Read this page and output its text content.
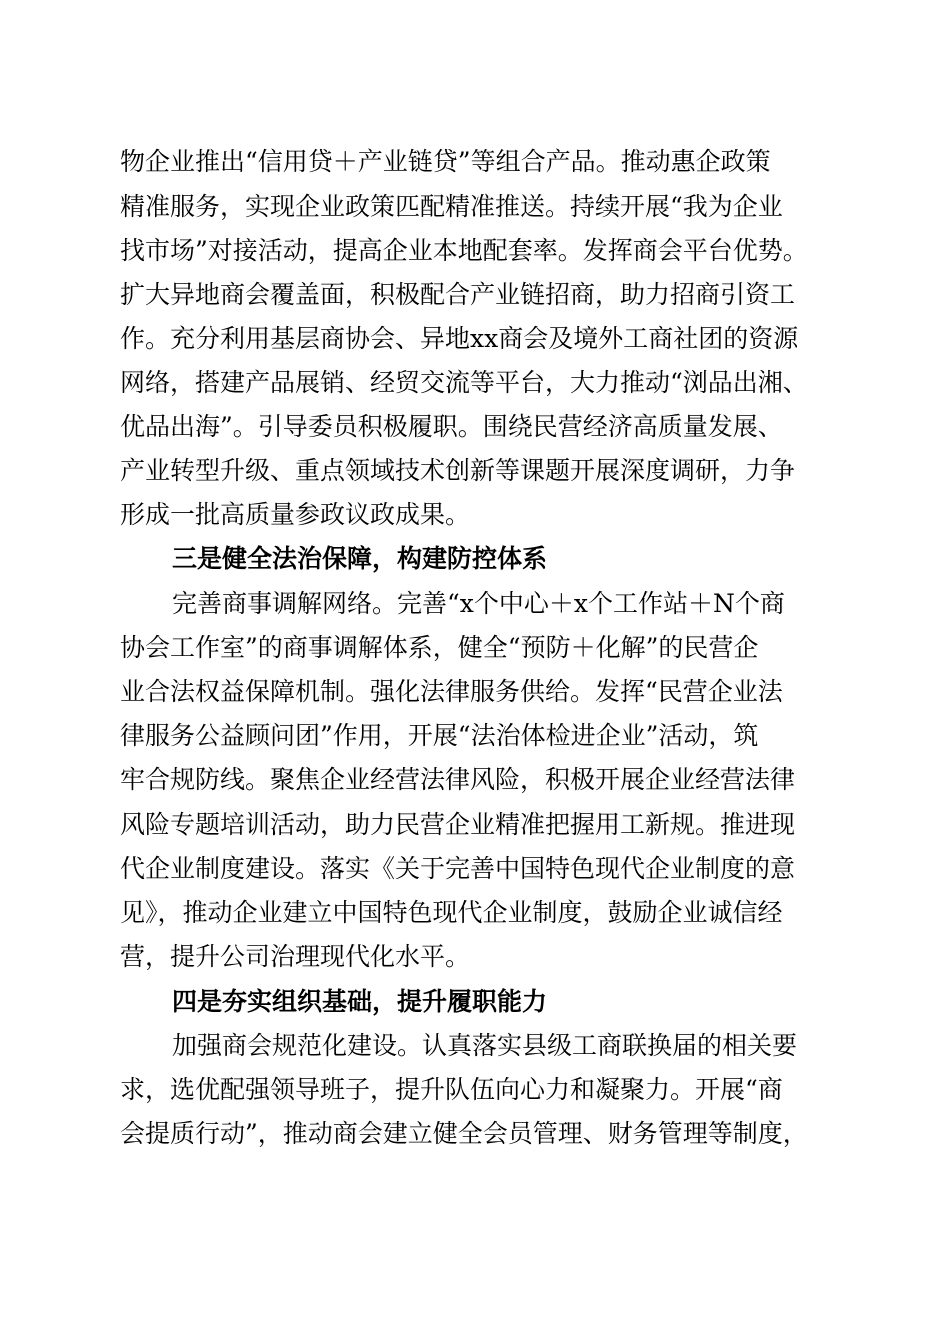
物企业推出“信用贷＋产业链贷”等组合产品。推动惠企政策

精准服务，实现企业政策匹配精准推送。持续开展“我为企业

找市场”对接活动，提高企业本地配套率。发挥商会平台优势。

扩大异地商会覆盖面，积极配合产业链招商，助力招商引资工

作。充分利用基层商协会、异地xx商会及境外工商社团的资源

网络，搭建产品展销、经贸交流等平台，大力推动“浏品出湘、

优品出海”。引导委员积极履职。围绕民营经济高质量发展、

产业转型升级、重点领域技术创新等课题开展深度调研，力争

形成一批高质量参政议政成果。

三是健全法治保障，构建防控体系

完善商事调解网络。完善“x个中心＋x个工作站＋N个商

协会工作室”的商事调解体系，健全“预防＋化解”的民营企

业合法权益保障机制。强化法律服务供给。发挥“民营企业法

律服务公益顾问团”作用，开展“法治体检进企业”活动，筑

牢合规防线。聚焦企业经营法律风险，积极开展企业经营法律

风险专题培训活动，助力民营企业精准把握用工新规。推进现

代企业制度建设。落实《关于完善中国特色现代企业制度的意

见》，推动企业建立中国特色现代企业制度，鼓励企业诚信经

营，提升公司治理现代化水平。

四是夯实组织基础，提升履职能力

加强商会规范化建设。认真落实县级工商联换届的相关要

求，选优配强领导班子，提升队伍向心力和凝聚力。开展“商

会提质行动”，推动商会建立健全会员管理、财务管理等制度，
